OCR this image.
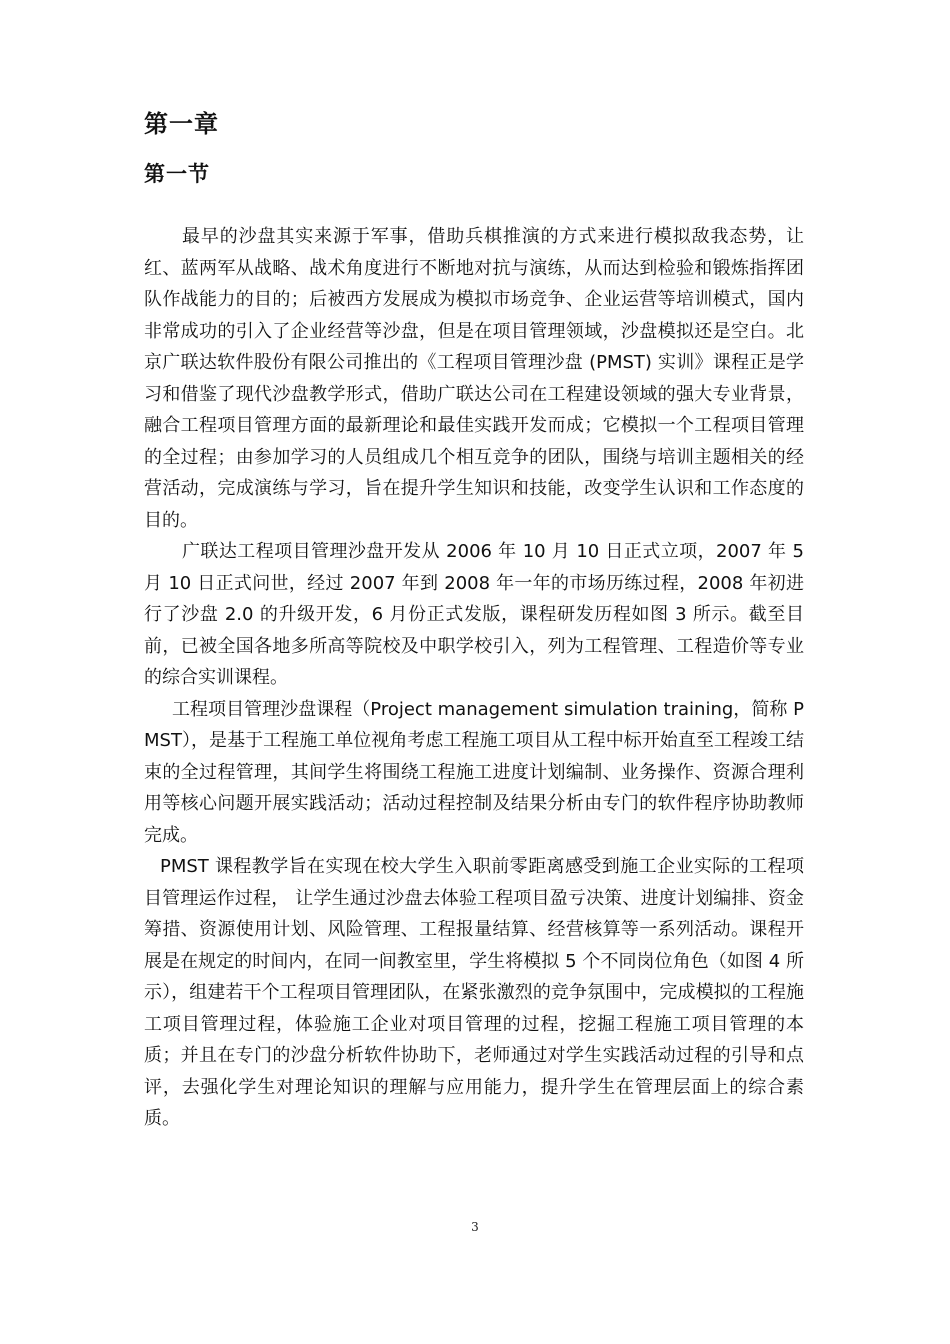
第一章
第一节

最早的沙盘其实来源于军事，借助兵棋推演的方式来进行模拟敌我态势，让红、蓝两军从战略、战术角度进行不断地对抗与演练，从而达到检验和锻炼指挥团队作战能力的目的；后被西方发展成为模拟市场竞争、企业运营等培训模式，国内非常成功的引入了企业经营等沙盘，但是在项目管理领域，沙盘模拟还是空白。北京广联达软件股份有限公司推出的《工程项目管理沙盘 (PMST) 实训》课程正是学习和借鉴了现代沙盘教学形式，借助广联达公司在工程建设领域的强大专业背景，融合工程项目管理方面的最新理论和最佳实践开发而成；它模拟一个工程项目管理的全过程；由参加学习的人员组成几个相互竞争的团队，围绕与培训主题相关的经营活动，完成演练与学习，旨在提升学生知识和技能，改变学生认识和工作态度的目的。

广联达工程项目管理沙盘开发从 2006 年 10 月 10 日正式立项，2007 年 5 月 10 日正式问世，经过 2007 年到 2008 年一年的市场历练过程，2008 年初进行了沙盘 2.0 的升级开发，6 月份正式发版，课程研发历程如图 3 所示。截至目前，已被全国各地多所高等院校及中职学校引入，列为工程管理、工程造价等专业的综合实训课程。

工程项目管理沙盘课程（Project management simulation training，简称 PMST），是基于工程施工单位视角考虑工程施工项目从工程中标开始直至工程竣工结束的全过程管理，其间学生将围绕工程施工进度计划编制、业务操作、资源合理利用等核心问题开展实践活动；活动过程控制及结果分析由专门的软件程序协助教师完成。

PMST 课程教学旨在实现在校大学生入职前零距离感受到施工企业实际的工程项目管理运作过程， 让学生通过沙盘去体验工程项目盈亏决策、进度计划编排、资金筹措、资源使用计划、风险管理、工程报量结算、经营核算等一系列活动。课程开展是在规定的时间内，在同一间教室里，学生将模拟 5 个不同岗位角色（如图 4 所示），组建若干个工程项目管理团队，在紧张激烈的竞争氛围中，完成模拟的工程施工项目管理过程，体验施工企业对项目管理的过程，挖掘工程施工项目管理的本质；并且在专门的沙盘分析软件协助下，老师通过对学生实践活动过程的引导和点评，去强化学生对理论知识的理解与应用能力，提升学生在管理层面上的综合素质。

3
